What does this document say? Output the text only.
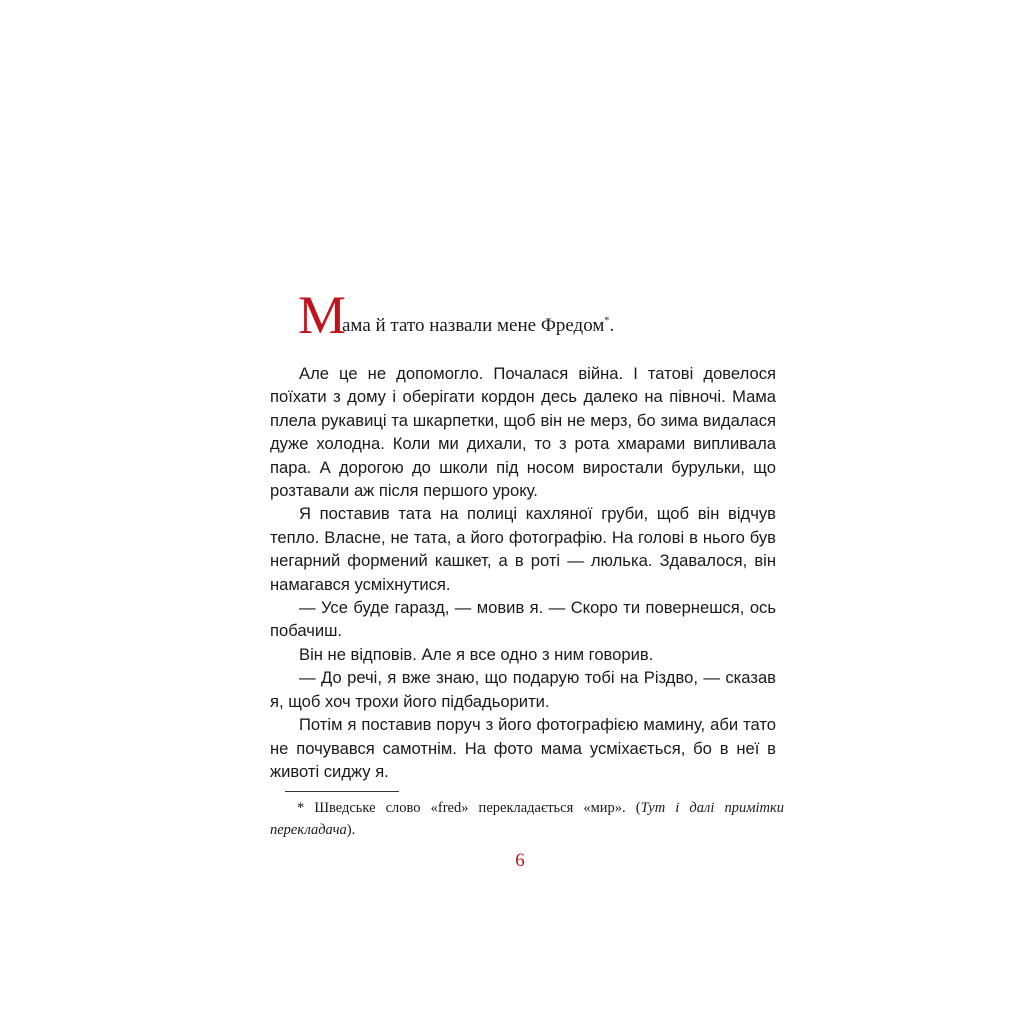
М
ама й тато назвали мене Фредом*.

Але це не допомогло. Почалася війна. І татові довелося поїхати з дому і оберігати кордон десь далеко на півночі. Мама плела рукавиці та шкарпетки, щоб він не мерз, бо зима видалася дуже холодна. Коли ми дихали, то з рота хмарами випливала пара. А дорогою до школи під носом виростали бурульки, що розтавали аж після першого уроку.

Я поставив тата на полиці кахляної груби, щоб він відчув тепло. Власне, не тата, а його фотографію. На голові в нього був негарний формений кашкет, а в роті — люлька. Здавалося, він намагався усміхнутися.

— Усе буде гаразд, — мовив я. — Скоро ти повернешся, ось побачиш.

Він не відповів. Але я все одно з ним говорив.

— До речі, я вже знаю, що подарую тобі на Різдво, — сказав я, щоб хоч трохи його підбадьорити.

Потім я поставив поруч з його фотографією мамину, аби тато не почувався самотнім. На фото мама усміхається, бо в неї в животі сиджу я.

* Шведське слово «fred» перекладається «мир». (Тут і далі примітки перекладача).
6
